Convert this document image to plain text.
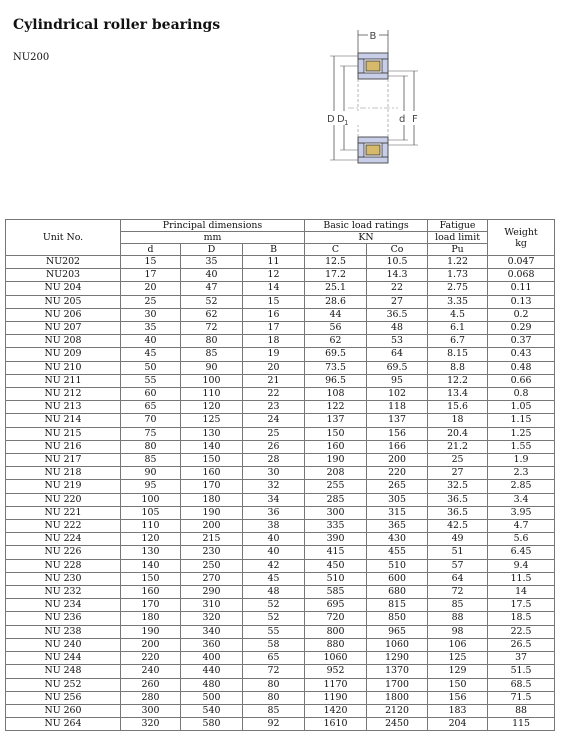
Cylindrical roller bearings
NU200
B
D D 1	d F
Unit No.	Principal dimensions			Basic load ratings		Fatigue	Weight
kg
	mm			KN		load limit	
	d	D	B	C	Co	Pu	
NU202	15	35	11	12.5	10.5	1.22	0.047
NU203	17	40	12	17.2	14.3	1.73	0.068
NU 204	20	47	14	25.1	22	2.75	0.11
NU 205	25	52	15	28.6	27	3.35	0.13
NU 206	30	62	16	44	36.5	4.5	0.2
NU 207	35	72	17	56	48	6.1	0.29
NU 208	40	80	18	62	53	6.7	0.37
NU 209	45	85	19	69.5	64	8.15	0.43
NU 210	50	90	20	73.5	69.5	8.8	0.48
NU 211	55	100	21	96.5	95	12.2	0.66
NU 212	60	110	22	108	102	13.4	0.8
NU 213	65	120	23	122	118	15.6	1.05
NU 214	70	125	24	137	137	18	1.15
NU 215	75	130	25	150	156	20.4	1.25
NU 216	80	140	26	160	166	21.2	1.55
NU 217	85	150	28	190	200	25	1.9
NU 218	90	160	30	208	220	27	2.3
NU 219	95	170	32	255	265	32.5	2.85
NU 220	100	180	34	285	305	36.5	3.4
NU 221	105	190	36	300	315	36.5	3.95
NU 222	110	200	38	335	365	42.5	4.7
NU 224	120	215	40	390	430	49	5.6
NU 226	130	230	40	415	455	51	6.45
NU 228	140	250	42	450	510	57	9.4
NU 230	150	270	45	510	600	64	11.5
NU 232	160	290	48	585	680	72	14
NU 234	170	310	52	695	815	85	17.5
NU 236	180	320	52	720	850	88	18.5
NU 238	190	340	55	800	965	98	22.5
NU 240	200	360	58	880	1060	106	26.5
NU 244	220	400	65	1060	1290	125	37
NU 248	240	440	72	952	1370	129	51.5
NU 252	260	480	80	1170	1700	150	68.5
NU 256	280	500	80	1190	1800	156	71.5
NU 260	300	540	85	1420	2120	183	88
NU 264	320	580	92	1610	2450	204	115
